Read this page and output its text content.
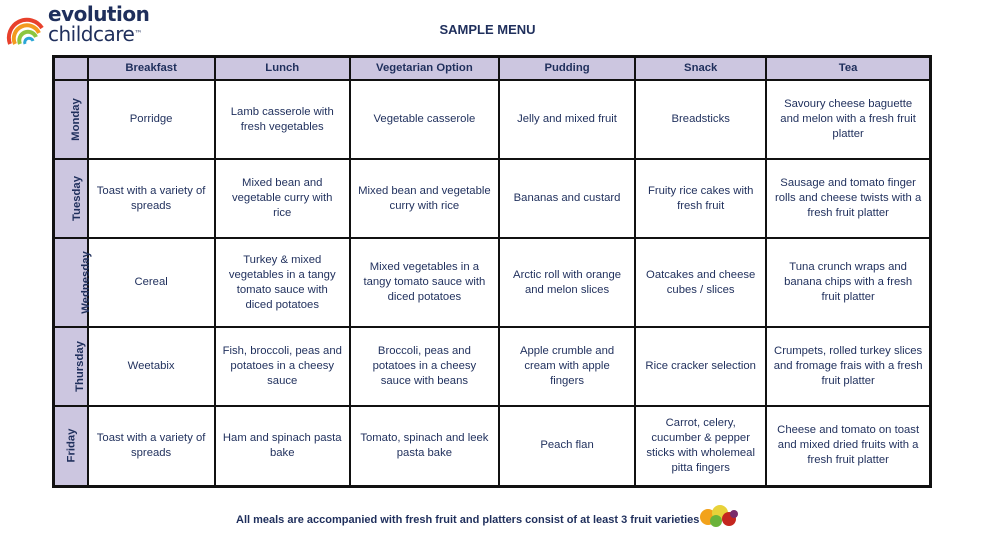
evolution
childcare™	SAMPLE MENU
	Breakfast	Lunch	Vegetarian Option	Pudding	Snack	Tea
Monday	Porridge	Lamb casserole with fresh vegetables	Vegetable casserole	Jelly and mixed fruit	Breadsticks	Savoury cheese baguette and melon with a fresh fruit platter
Tuesday	Toast with a variety of spreads	Mixed bean and vegetable curry with rice	Mixed bean and vegetable curry with rice	Bananas and custard	Fruity rice cakes with fresh fruit	Sausage and tomato finger rolls and cheese twists with a fresh fruit platter
Wednesday	Cereal	Turkey & mixed vegetables in a tangy tomato sauce with diced potatoes	Mixed vegetables in a tangy tomato sauce with diced potatoes	Arctic roll with orange and melon slices	Oatcakes and cheese cubes / slices	Tuna crunch wraps and banana chips with a fresh fruit platter
Thursday	Weetabix	Fish, broccoli, peas and potatoes in a cheesy sauce	Broccoli, peas and potatoes in a cheesy sauce with beans	Apple crumble and cream with apple fingers	Rice cracker selection	Crumpets, rolled turkey slices and fromage frais with a fresh fruit platter
Friday	Toast with a variety of spreads	Ham and spinach pasta bake	Tomato, spinach and leek pasta bake	Peach flan	Carrot, celery, cucumber & pepper sticks with wholemeal pitta fingers	Cheese and tomato on toast and mixed dried fruits with a fresh fruit platter
All meals are accompanied with fresh fruit and platters consist of at least 3 fruit varieties
